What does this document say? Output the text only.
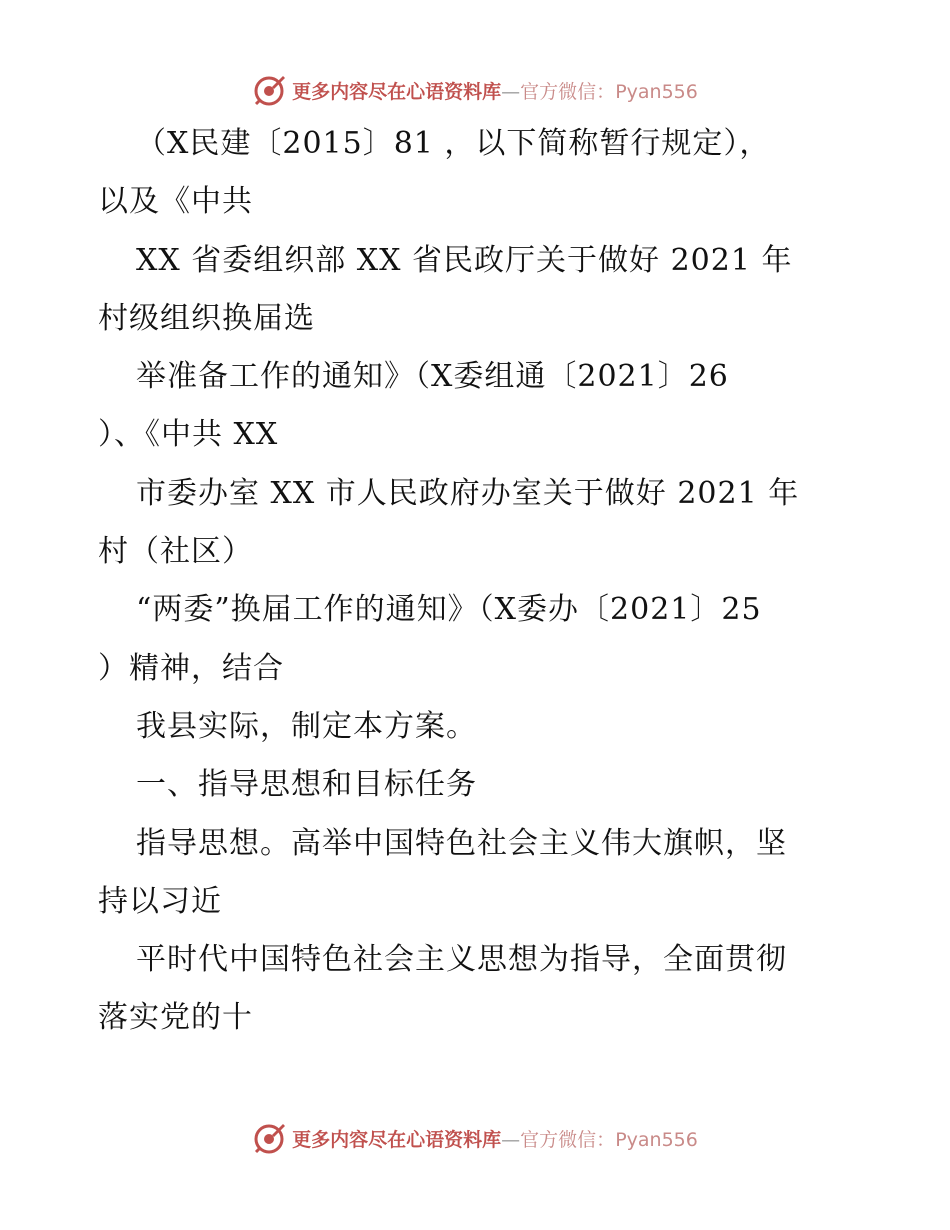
更多内容尽在心语资料库—官方微信：Pyan556
（X民建〔2015〕81 ，以下简称暂行规定），
以及《中共
XX 省委组织部 XX 省民政厅关于做好 2021 年
村级组织换届选
举准备工作的通知》（X委组通〔2021〕26
）、《中共 XX
市委办室 XX 市人民政府办室关于做好 2021 年
村（社区）
“两委”换届工作的通知》（X委办〔2021〕25
）精神，结合
我县实际，制定本方案。
一、指导思想和目标任务
指导思想。高举中国特色社会主义伟大旗帜，坚
持以习近
平时代中国特色社会主义思想为指导，全面贯彻
落实党的十
更多内容尽在心语资料库—官方微信：Pyan556
